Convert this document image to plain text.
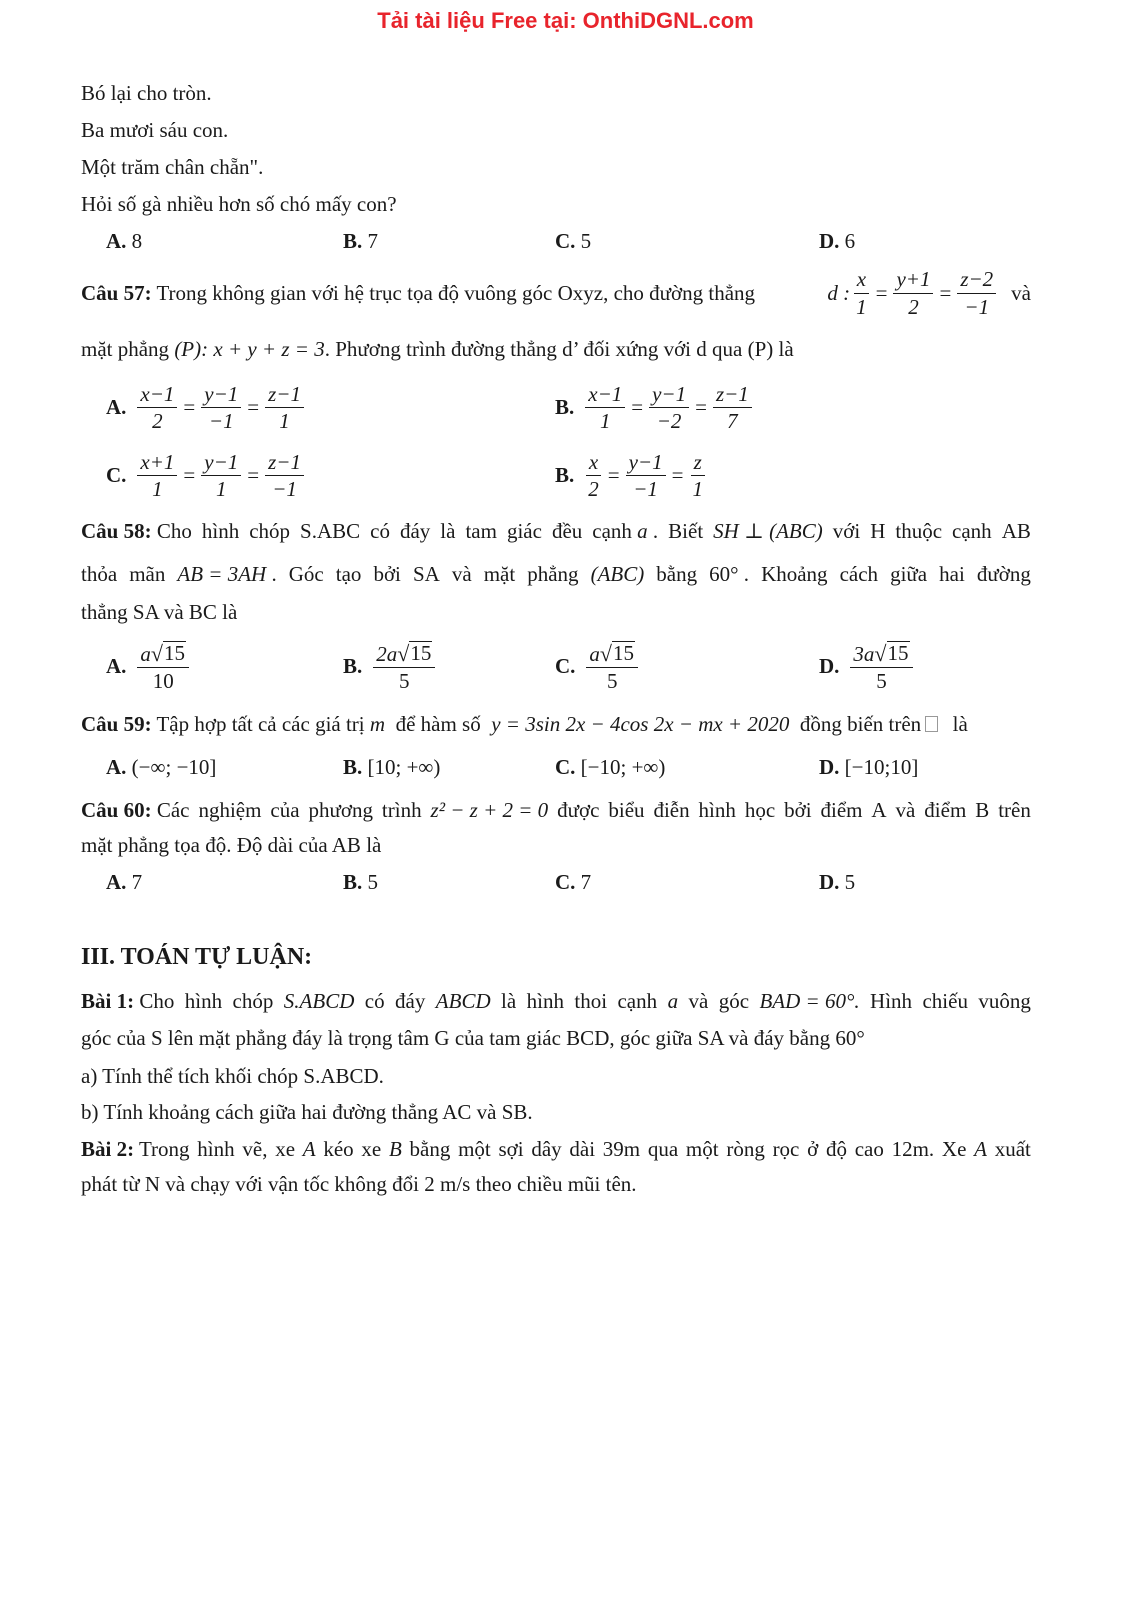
Tải tài liệu Free tại: OnthiDGNL.com
Bó lại cho tròn.
Ba mươi sáu con.
Một trăm chân chẵn".
Hỏi số gà nhiều hơn số chó mấy con?
A. 8	B. 7	C. 5	D. 6
Câu 57: Trong không gian với hệ trục tọa độ vuông góc Oxyz, cho đường thẳng	d : $\frac{x}{1} = \frac{y+1}{2} = \frac{z-2}{-1}$ và
mặt phẳng (P): x + y + z = 3. Phương trình đường thẳng d’ đối xứng với d qua (P) là
A. $\frac{x-1}{2} = \frac{y-1}{-1} = \frac{z-1}{1}$	B. $\frac{x-1}{1} = \frac{y-1}{-2} = \frac{z-1}{7}$
C. $\frac{x+1}{1} = \frac{y-1}{1} = \frac{z-1}{-1}$	B. $\frac{x}{2} = \frac{y-1}{-1} = \frac{z}{1}$
Câu 58: Cho hình chóp S.ABC có đáy là tam giác đều cạnh a . Biết SH ⊥ (ABC) với H thuộc cạnh AB
thỏa mãn AB = 3AH . Góc tạo bởi SA và mặt phẳng (ABC) bằng 60° . Khoảng cách giữa hai đường
thẳng SA và BC là
A. $\frac{a √ 15}{10}$	B. $\frac{2a √ 15}{5}$	C. $\frac{a √ 15}{5}$	D. $\frac{3a √ 15}{5}$
Câu 59: Tập hợp tất cả các giá trị m để hàm số y = 3sin 2x − 4cos 2x − mx + 2020 đồng biến trên là
A. (−∞; −10]	B. [10; +∞)	C. [−10; +∞)	D. [−10;10]
Câu 60: Các nghiệm của phương trình z² − z + 2 = 0 được biểu điễn hình học bởi điểm A và điểm B trên
mặt phẳng tọa độ. Độ dài của AB là
A. 7	B. 5	C. 7	D. 5
III. TOÁN TỰ LUẬN:
Bài 1: Cho hình chóp S.ABCD có đáy ABCD là hình thoi cạnh a và góc BAD = 60°. Hình chiếu vuông
góc của S lên mặt phẳng đáy là trọng tâm G của tam giác BCD, góc giữa SA và đáy bằng 60°
a) Tính thể tích khối chóp S.ABCD.
b) Tính khoảng cách giữa hai đường thẳng AC và SB.
Bài 2: Trong hình vẽ, xe A kéo xe B bằng một sợi dây dài 39m qua một ròng rọc ở độ cao 12m. Xe A xuất
phát từ N và chạy với vận tốc không đổi 2 m/s theo chiều mũi tên.
